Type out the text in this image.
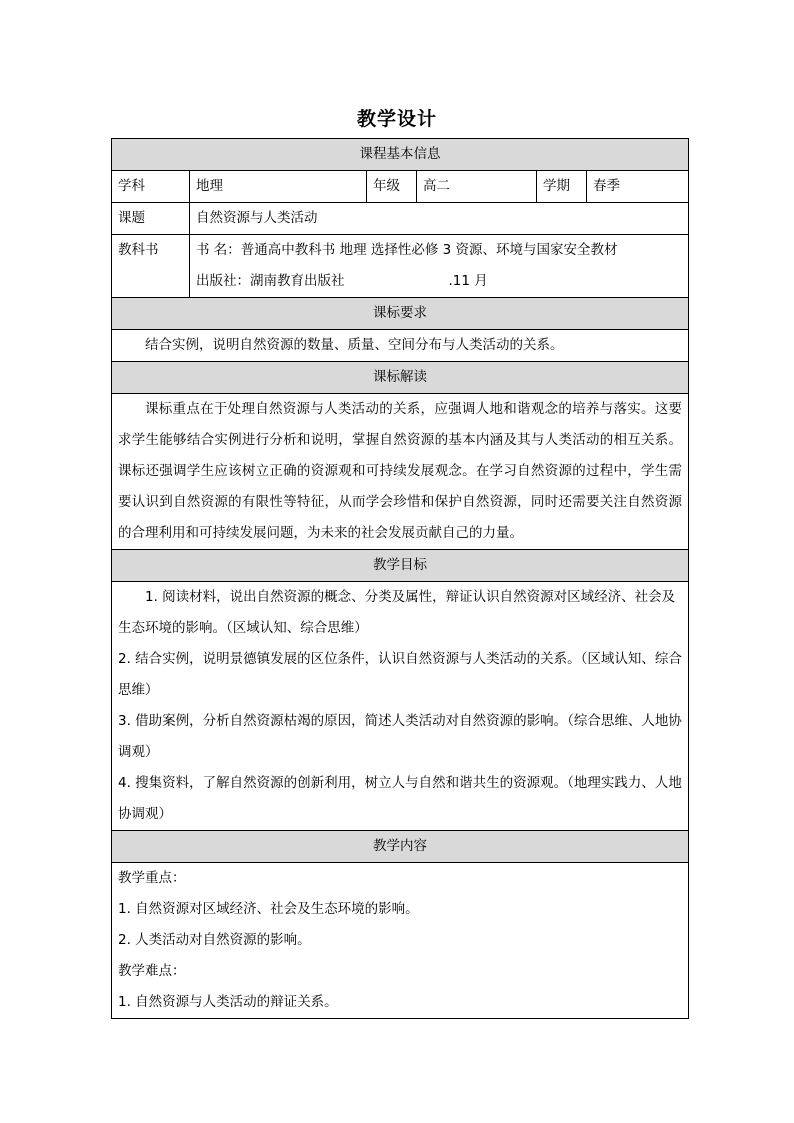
教学设计
课程基本信息					
学科	地理	年级	高二	学期	春季
课题	自然资源与人类活动				
教科书	书 名：普通高中教科书 地理 选择性必修 3 资源、环境与国家安全教材
出版社：湖南教育出版社 .11 月				

课标要求					
结合实例，说明自然资源的数量、质量、空间分布与人类活动的关系。					
课标解读					
课标重点在于处理自然资源与人类活动的关系，应强调人地和谐观念的培养与落实。这要求学生能够结合实例进行分析和说明，掌握自然资源的基本内涵及其与人类活动的相互关系。课标还强调学生应该树立正确的资源观和可持续发展观念。在学习自然资源的过程中，学生需要认识到自然资源的有限性等特征，从而学会珍惜和保护自然资源，同时还需要关注自然资源的合理利用和可持续发展问题，为未来的社会发展贡献自己的力量。					
教学目标					

1. 阅读材料，说出自然资源的概念、分类及属性，辩证认识自然资源对区域经济、社会及生态环境的影响。（区域认知、综合思维）
2. 结合实例，说明景德镇发展的区位条件，认识自然资源与人类活动的关系。（区域认知、综合思维）
3. 借助案例，分析自然资源枯竭的原因，简述人类活动对自然资源的影响。（综合思维、人地协调观）
4. 搜集资料，了解自然资源的创新利用，树立人与自然和谐共生的资源观。（地理实践力、人地协调观）					

教学内容					

教学重点：
1. 自然资源对区域经济、社会及生态环境的影响。
2. 人类活动对自然资源的影响。
教学难点：
1. 自然资源与人类活动的辩证关系。					
